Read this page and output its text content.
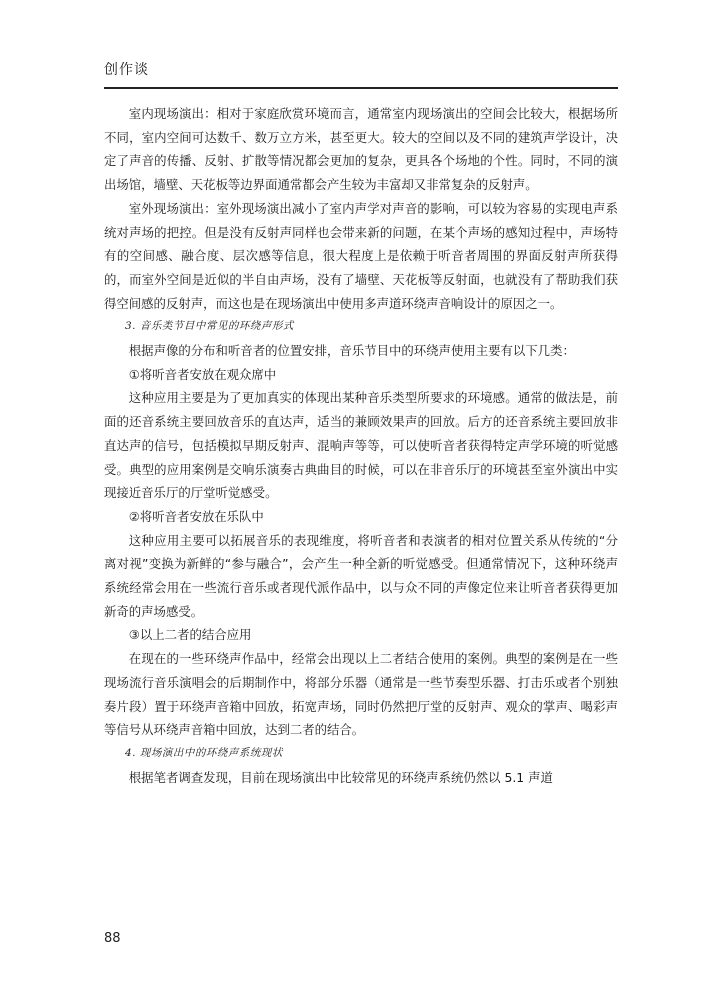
创作谈

室内现场演出：相对于家庭欣赏环境而言，通常室内现场演出的空间会比较大，根据场所不同，室内空间可达数千、数万立方米，甚至更大。较大的空间以及不同的建筑声学设计，决定了声音的传播、反射、扩散等情况都会更加的复杂，更具各个场地的个性。同时，不同的演出场馆，墙壁、天花板等边界面通常都会产生较为丰富却又非常复杂的反射声。

室外现场演出：室外现场演出减小了室内声学对声音的影响，可以较为容易的实现电声系统对声场的把控。但是没有反射声同样也会带来新的问题，在某个声场的感知过程中，声场特有的空间感、融合度、层次感等信息，很大程度上是依赖于听音者周围的界面反射声所获得的，而室外空间是近似的半自由声场，没有了墙壁、天花板等反射面，也就没有了帮助我们获得空间感的反射声，而这也是在现场演出中使用多声道环绕声音响设计的原因之一。

3. 音乐类节目中常见的环绕声形式

根据声像的分布和听音者的位置安排，音乐节目中的环绕声使用主要有以下几类：

①将听音者安放在观众席中

这种应用主要是为了更加真实的体现出某种音乐类型所要求的环境感。通常的做法是，前面的还音系统主要回放音乐的直达声，适当的兼顾效果声的回放。后方的还音系统主要回放非直达声的信号，包括模拟早期反射声、混响声等等，可以使听音者获得特定声学环境的听觉感受。典型的应用案例是交响乐演奏古典曲目的时候，可以在非音乐厅的环境甚至室外演出中实现接近音乐厅的厅堂听觉感受。

②将听音者安放在乐队中

这种应用主要可以拓展音乐的表现维度，将听音者和表演者的相对位置关系从传统的“分离对视”变换为新鲜的“参与融合”，会产生一种全新的听觉感受。但通常情况下，这种环绕声系统经常会用在一些流行音乐或者现代派作品中，以与众不同的声像定位来让听音者获得更加新奇的声场感受。

③以上二者的结合应用

在现在的一些环绕声作品中，经常会出现以上二者结合使用的案例。典型的案例是在一些现场流行音乐演唱会的后期制作中，将部分乐器（通常是一些节奏型乐器、打击乐或者个别独奏片段）置于环绕声音箱中回放，拓宽声场，同时仍然把厅堂的反射声、观众的掌声、喝彩声等信号从环绕声音箱中回放，达到二者的结合。

4. 现场演出中的环绕声系统现状

根据笔者调查发现，目前在现场演出中比较常见的环绕声系统仍然以 5.1 声道

88
